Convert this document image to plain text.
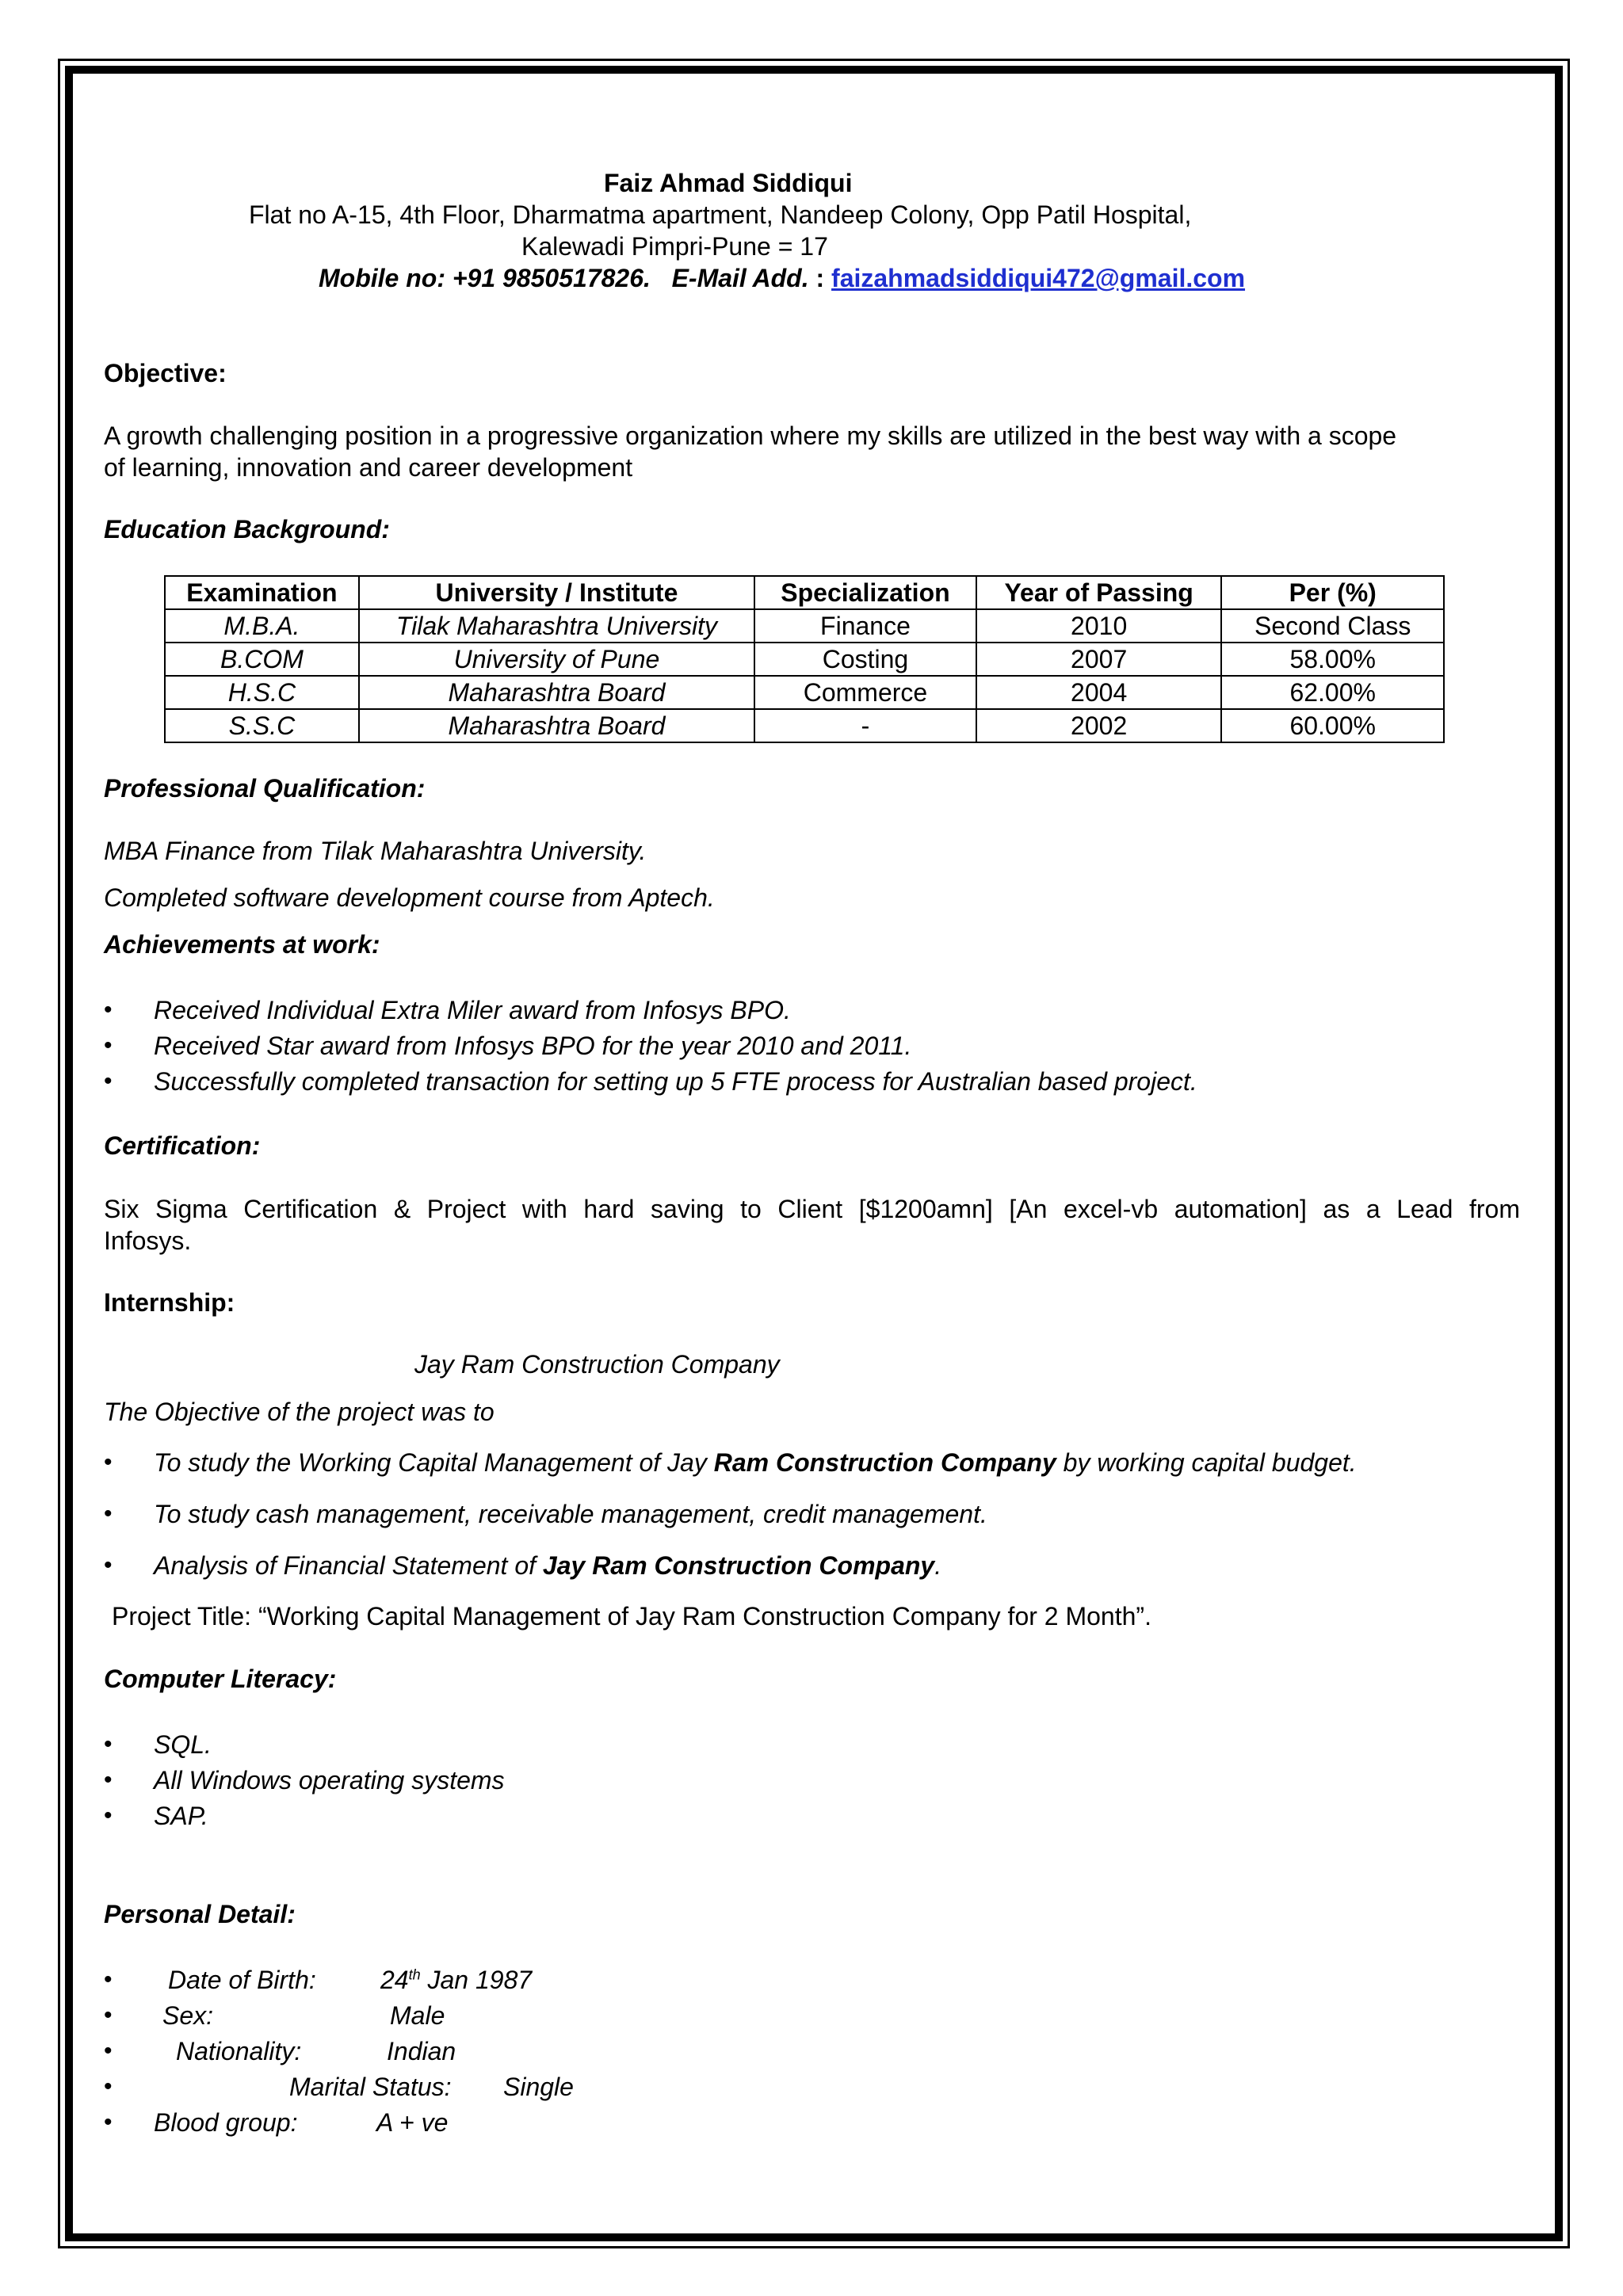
Faiz Ahmad Siddiqui
Flat no A-15, 4th Floor, Dharmatma apartment, Nandeep Colony, Opp Patil Hospital,
Kalewadi Pimpri-Pune = 17
Mobile no: +91 9850517826. E-Mail Add. : faizahmadsiddiqui472@gmail.com
Objective:
A growth challenging position in a progressive organization where my skills are utilized in the best way with a scope
of learning, innovation and career development
Education Background:
Examination	University / Institute	Specialization	Year of Passing	Per (%)
M.B.A.	Tilak Maharashtra University	Finance	2010	Second Class
B.COM	University of Pune	Costing	2007	58.00%
H.S.C	Maharashtra Board	Commerce	2004	62.00%
S.S.C	Maharashtra Board	-	2002	60.00%
Professional Qualification:
MBA Finance from Tilak Maharashtra University.
Completed software development course from Aptech.
Achievements at work:
• Received Individual Extra Miler award from Infosys BPO.
• Received Star award from Infosys BPO for the year 2010 and 2011.
• Successfully completed transaction for setting up 5 FTE process for Australian based project.
Certification:
Six Sigma Certification & Project with hard saving to Client [$1200amn] [An excel-vb automation] as a Lead from
Infosys.
Internship:
Jay Ram Construction Company
The Objective of the project was to
• To study the Working Capital Management of Jay Ram Construction Company by working capital budget.
• To study cash management, receivable management, credit management.
• Analysis of Financial Statement of Jay Ram Construction Company.
Project Title: “Working Capital Management of Jay Ram Construction Company for 2 Month”.
Computer Literacy:
• SQL.
• All Windows operating systems
• SAP.
Personal Detail:
• Date of Birth:	24th Jan 1987
• Sex:	Male
•	Nationality:	Indian
•	Marital Status: Single
• Blood group:	A + ve
